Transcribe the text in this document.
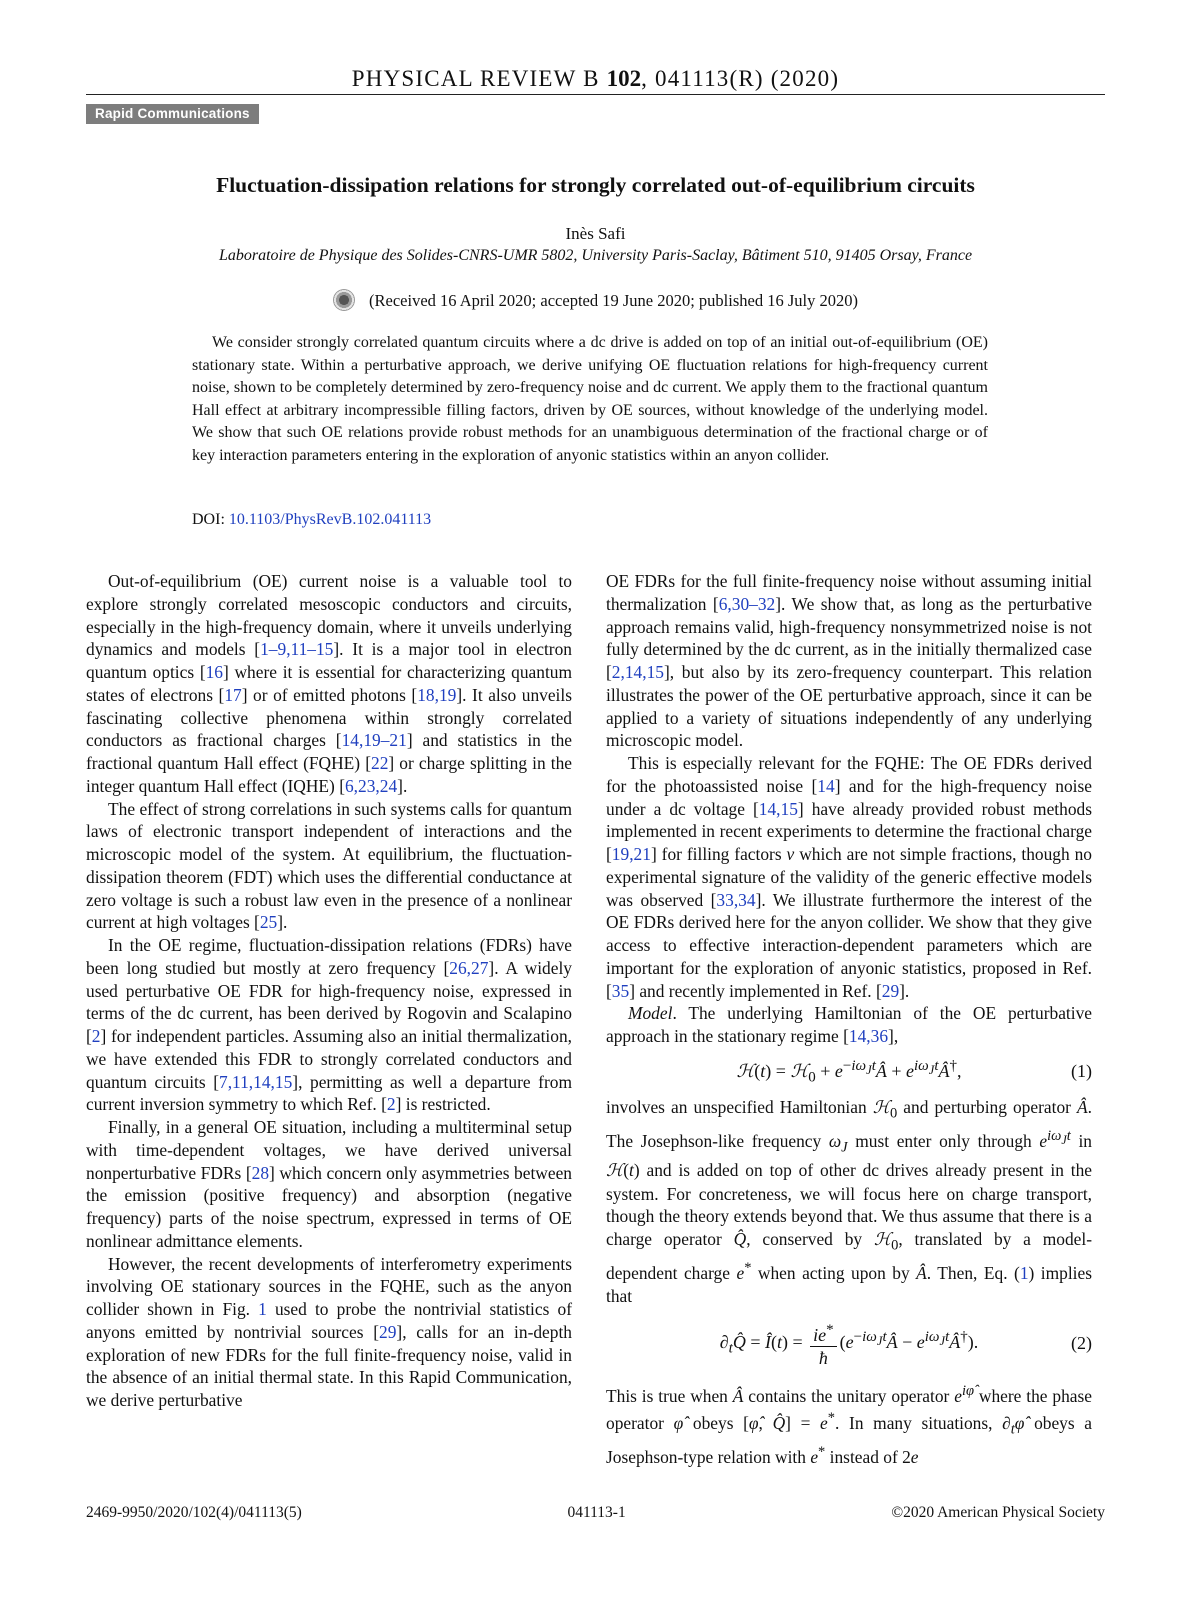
PHYSICAL REVIEW B 102, 041113(R) (2020)
Rapid Communications
Fluctuation-dissipation relations for strongly correlated out-of-equilibrium circuits
Inès Safi
Laboratoire de Physique des Solides-CNRS-UMR 5802, University Paris-Saclay, Bâtiment 510, 91405 Orsay, France
(Received 16 April 2020; accepted 19 June 2020; published 16 July 2020)
We consider strongly correlated quantum circuits where a dc drive is added on top of an initial out-of-equilibrium (OE) stationary state. Within a perturbative approach, we derive unifying OE fluctuation relations for high-frequency current noise, shown to be completely determined by zero-frequency noise and dc current. We apply them to the fractional quantum Hall effect at arbitrary incompressible filling factors, driven by OE sources, without knowledge of the underlying model. We show that such OE relations provide robust methods for an unambiguous determination of the fractional charge or of key interaction parameters entering in the exploration of anyonic statistics within an anyon collider.
DOI: 10.1103/PhysRevB.102.041113

Out-of-equilibrium (OE) current noise is a valuable tool to explore strongly correlated mesoscopic conductors and circuits, especially in the high-frequency domain, where it unveils underlying dynamics and models [1–9,11–15]. It is a major tool in electron quantum optics [16] where it is essential for characterizing quantum states of electrons [17] or of emitted photons [18,19]. It also unveils fascinating collective phenomena within strongly correlated conductors as fractional charges [14,19–21] and statistics in the fractional quantum Hall effect (FQHE) [22] or charge splitting in the integer quantum Hall effect (IQHE) [6,23,24].

The effect of strong correlations in such systems calls for quantum laws of electronic transport independent of interactions and the microscopic model of the system. At equilibrium, the fluctuation-dissipation theorem (FDT) which uses the differential conductance at zero voltage is such a robust law even in the presence of a nonlinear current at high voltages [25].

In the OE regime, fluctuation-dissipation relations (FDRs) have been long studied but mostly at zero frequency [26,27]. A widely used perturbative OE FDR for high-frequency noise, expressed in terms of the dc current, has been derived by Rogovin and Scalapino [2] for independent particles. Assuming also an initial thermalization, we have extended this FDR to strongly correlated conductors and quantum circuits [7,11,14,15], permitting as well a departure from current inversion symmetry to which Ref. [2] is restricted.

Finally, in a general OE situation, including a multiterminal setup with time-dependent voltages, we have derived universal nonperturbative FDRs [28] which concern only asymmetries between the emission (positive frequency) and absorption (negative frequency) parts of the noise spectrum, expressed in terms of OE nonlinear admittance elements.

However, the recent developments of interferometry experiments involving OE stationary sources in the FQHE, such as the anyon collider shown in Fig. 1 used to probe the nontrivial statistics of anyons emitted by nontrivial sources [29], calls for an in-depth exploration of new FDRs for the full finite-frequency noise, valid in the absence of an initial thermal state. In this Rapid Communication, we derive perturbative

OE FDRs for the full finite-frequency noise without assuming initial thermalization [6,30–32]. We show that, as long as the perturbative approach remains valid, high-frequency nonsymmetrized noise is not fully determined by the dc current, as in the initially thermalized case [2,14,15], but also by its zero-frequency counterpart. This relation illustrates the power of the OE perturbative approach, since it can be applied to a variety of situations independently of any underlying microscopic model.

This is especially relevant for the FQHE: The OE FDRs derived for the photoassisted noise [14] and for the high-frequency noise under a dc voltage [14,15] have already provided robust methods implemented in recent experiments to determine the fractional charge [19,21] for filling factors ν which are not simple fractions, though no experimental signature of the validity of the generic effective models was observed [33,34]. We illustrate furthermore the interest of the OE FDRs derived here for the anyon collider. We show that they give access to effective interaction-dependent parameters which are important for the exploration of anyonic statistics, proposed in Ref. [35] and recently implemented in Ref. [29].

Model. The underlying Hamiltonian of the OE perturbative approach in the stationary regime [14,36],

ℋ(t) = ℋ$_0$ + $e^{-i\omega_Jt}Â$ + $e^{i\omega_Jt}Â^\dagger$,	(1)

involves an unspecified Hamiltonian ℋ$_0$ and perturbing operator Â. The Josephson-like frequency $\omega_J$ must enter only through $e^{i\omega_Jt}$ in ℋ(t) and is added on top of other dc drives already present in the system. For concreteness, we will focus here on charge transport, though the theory extends beyond that. We thus assume that there is a charge operator Q̂, conserved by ℋ$_0$, translated by a model-dependent charge e* when acting upon by Â. Then, Eq. (1) implies that

$\partial_tQ̂$ = Î(t) = $\frac{ie^*}{ħ}$ ($e^{-i\omega_Jt}Â$ − $e^{i\omega_Jt}Â^\dagger$).	(2)

This is true when Â contains the unitary operator $e^{i\varphî}$ where the phase operator φ̂ obeys [φ̂, Q̂] = e*. In many situations, $\partial_t\varphî$ obeys a Josephson-type relation with e* instead of 2e

2469-9950/2020/102(4)/041113(5)	041113-1	©2020 American Physical Society
